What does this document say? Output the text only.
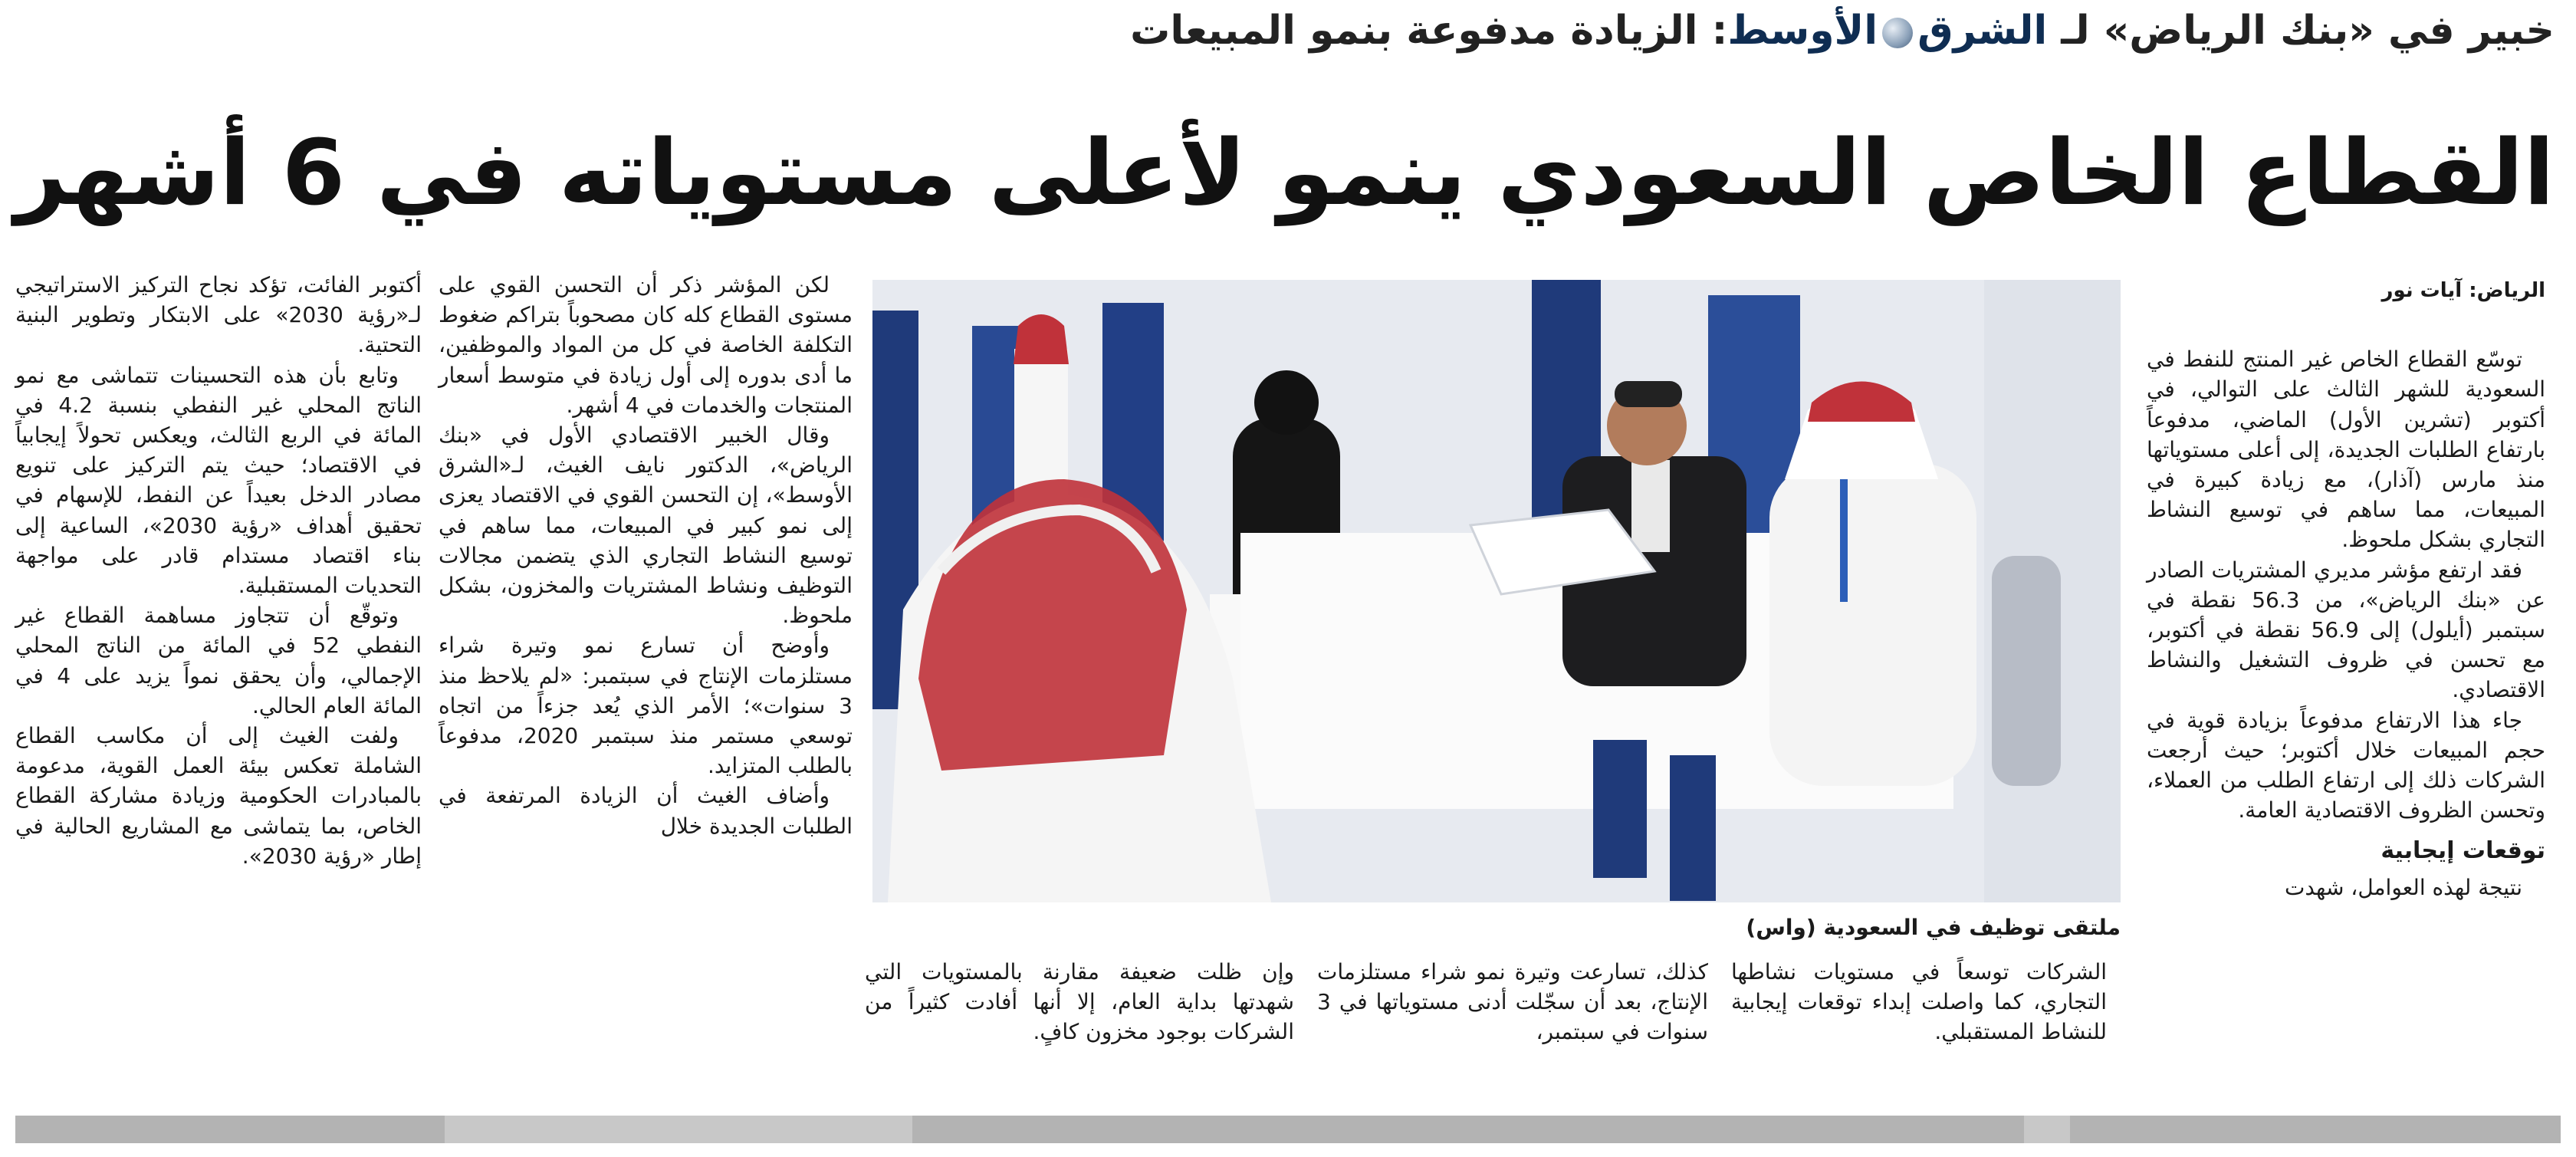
خبير في «بنك الرياض» لـ الشرقالأوسط: الزيادة مدفوعة بنمو المبيعات
القطاع الخاص السعودي ينمو لأعلى مستوياته في 6 أشهر

الرياض: آيات نور

توسّع القطاع الخاص غير المنتج للنفط في السعودية للشهر الثالث على التوالي، في أكتوبر (تشرين الأول) الماضي، مدفوعاً بارتفاع الطلبات الجديدة، إلى أعلى مستوياتها منذ مارس (آذار)، مع زيادة كبيرة في المبيعات، مما ساهم في توسيع النشاط التجاري بشكل ملحوظ.

فقد ارتفع مؤشر مديري المشتريات الصادر عن «بنك الرياض»، من 56.3 نقطة في سبتمبر (أيلول) إلى 56.9 نقطة في أكتوبر، مع تحسن في ظروف التشغيل والنشاط الاقتصادي.

جاء هذا الارتفاع مدفوعاً بزيادة قوية في حجم المبيعات خلال أكتوبر؛ حيث أرجعت الشركات ذلك إلى ارتفاع الطلب من العملاء، وتحسن الظروف الاقتصادية العامة.

توقعات إيجابية

نتيجة لهذه العوامل، شهدت

ملتقى توظيف في السعودية (واس)

الشركات توسعاً في مستويات نشاطها التجاري، كما واصلت إبداء توقعات إيجابية للنشاط المستقبلي.

كذلك، تسارعت وتيرة نمو شراء مستلزمات الإنتاج، بعد أن سجّلت أدنى مستوياتها في 3 سنوات في سبتمبر،

وإن ظلت ضعيفة مقارنة بالمستويات التي شهدتها بداية العام، إلا أنها أفادت كثيراً من الشركات بوجود مخزون كافٍ.

لكن المؤشر ذكر أن التحسن القوي على مستوى القطاع كله كان مصحوباً بتراكم ضغوط التكلفة الخاصة في كل من المواد والموظفين، ما أدى بدوره إلى أول زيادة في متوسط أسعار المنتجات والخدمات في 4 أشهر.

وقال الخبير الاقتصادي الأول في «بنك الرياض»، الدكتور نايف الغيث، لـ«الشرق الأوسط»، إن التحسن القوي في الاقتصاد يعزى إلى نمو كبير في المبيعات، مما ساهم في توسيع النشاط التجاري الذي يتضمن مجالات التوظيف ونشاط المشتريات والمخزون، بشكل ملحوظ.

وأوضح أن تسارع نمو وتيرة شراء مستلزمات الإنتاج في سبتمبر: «لم يلاحظ منذ 3 سنوات»؛ الأمر الذي يُعد جزءاً من اتجاه توسعي مستمر منذ سبتمبر 2020، مدفوعاً بالطلب المتزايد.

وأضاف الغيث أن الزيادة المرتفعة في الطلبات الجديدة خلال

أكتوبر الفائت، تؤكد نجاح التركيز الاستراتيجي لـ«رؤية 2030» على الابتكار وتطوير البنية التحتية.

وتابع بأن هذه التحسينات تتماشى مع نمو الناتج المحلي غير النفطي بنسبة 4.2 في المائة في الربع الثالث، ويعكس تحولاً إيجابياً في الاقتصاد؛ حيث يتم التركيز على تنويع مصادر الدخل بعيداً عن النفط، للإسهام في تحقيق أهداف «رؤية 2030»، الساعية إلى بناء اقتصاد مستدام قادر على مواجهة التحديات المستقبلية.

وتوقّع أن تتجاوز مساهمة القطاع غير النفطي 52 في المائة من الناتج المحلي الإجمالي، وأن يحقق نمواً يزيد على 4 في المائة العام الحالي.

ولفت الغيث إلى أن مكاسب القطاع الشاملة تعكس بيئة العمل القوية، مدعومة بالمبادرات الحكومية وزيادة مشاركة القطاع الخاص، بما يتماشى مع المشاريع الحالية في إطار «رؤية 2030».
